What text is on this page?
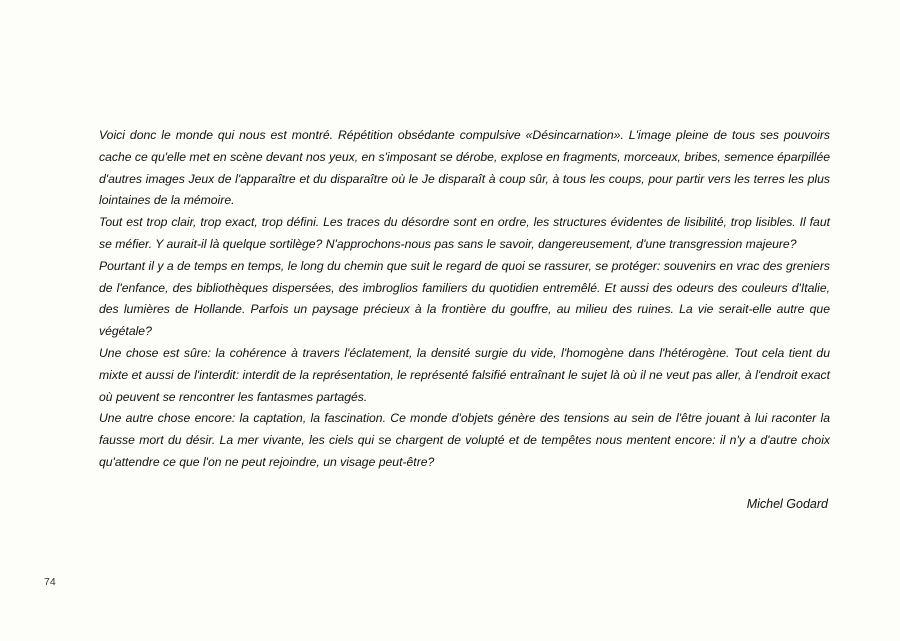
Voici donc le monde qui nous est montré. Répétition obsédante compulsive «Désincarnation». L'image pleine de tous ses pouvoirs cache ce qu'elle met en scène devant nos yeux, en s'imposant se dérobe, explose en fragments, morceaux, bribes, semence éparpillée d'autres images Jeux de l'apparaître et du disparaître où le Je disparaît à coup sûr, à tous les coups, pour partir vers les terres les plus lointaines de la mémoire.

Tout est trop clair, trop exact, trop défini. Les traces du désordre sont en ordre, les structures évidentes de lisibilité, trop lisibles. Il faut se méfier. Y aurait-il là quelque sortilège? N'approchons-nous pas sans le savoir, dangereusement, d'une transgression majeure?

Pourtant il y a de temps en temps, le long du chemin que suit le regard de quoi se rassurer, se protéger: souvenirs en vrac des greniers de l'enfance, des bibliothèques dispersées, des imbroglios familiers du quotidien entremêlé. Et aussi des odeurs des couleurs d'Italie, des lumières de Hollande. Parfois un paysage précieux à la frontière du gouffre, au milieu des ruines. La vie serait-elle autre que végétale?

Une chose est sûre: la cohérence à travers l'éclatement, la densité surgie du vide, l'homogène dans l'hétérogène. Tout cela tient du mixte et aussi de l'interdit: interdit de la représentation, le représenté falsifié entraînant le sujet là où il ne veut pas aller, à l'endroit exact où peuvent se rencontrer les fantasmes partagés.

Une autre chose encore: la captation, la fascination. Ce monde d'objets génère des tensions au sein de l'être jouant à lui raconter la fausse mort du désir. La mer vivante, les ciels qui se chargent de volupté et de tempêtes nous mentent encore: il n'y a d'autre choix qu'attendre ce que l'on ne peut rejoindre, un visage peut-être?

Michel Godard
74
